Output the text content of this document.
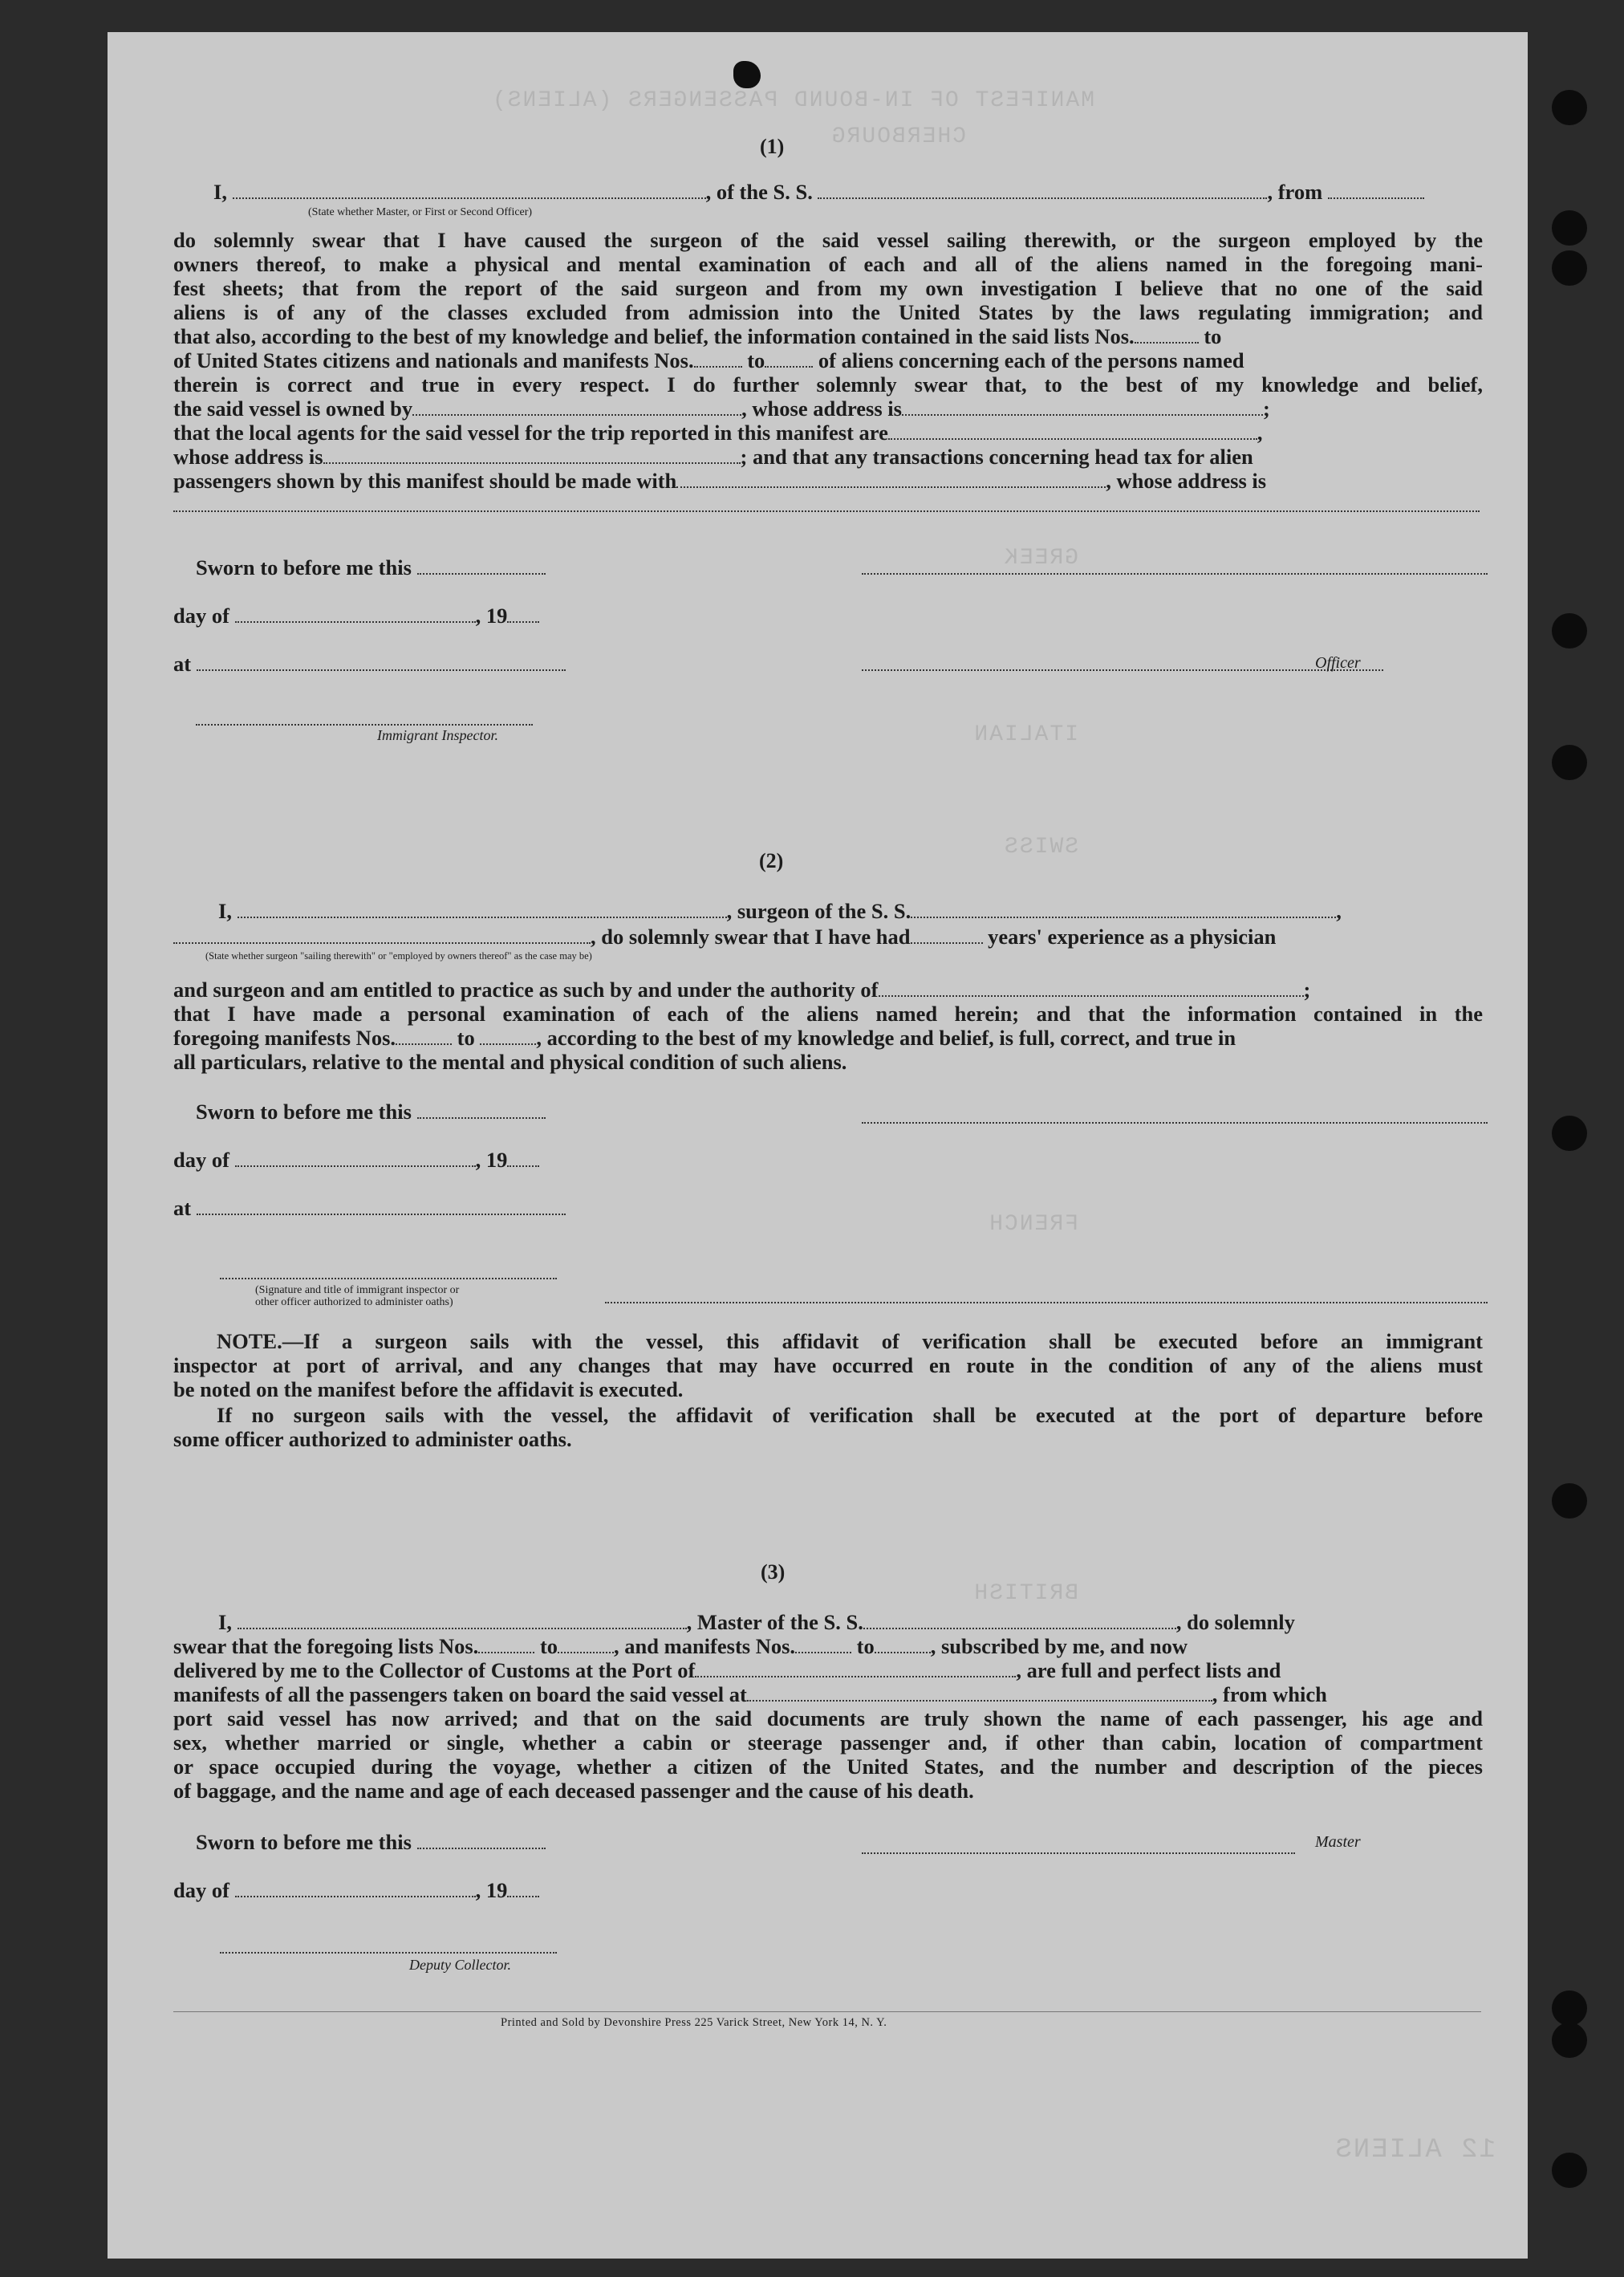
MANIFEST OF IN-BOUND PASSENGERS (ALIENS)
CHERBOURG
GREEK
ITALIAN
SWISS
FRENCH
BRITISH
12 ALIENS
(1)
I,	, of the S. S.	, from
(State whether Master, or First or Second Officer)
do solemnly swear that I have caused the surgeon of the said vessel sailing therewith, or the surgeon employed by the
owners thereof, to make a physical and mental examination of each and all of the aliens named in the foregoing mani-
fest sheets; that from the report of the said surgeon and from my own investigation I believe that no one of the said
aliens is of any of the classes excluded from admission into the United States by the laws regulating immigration; and
that also, according to the best of my knowledge and belief, the information contained in the said lists Nos.	to
of United States citizens and nationals and manifests Nos.	to	of aliens concerning each of the persons named
therein is correct and true in every respect. I do further solemnly swear that, to the best of my knowledge and belief,
the said vessel is owned by	, whose address is	;
that the local agents for the said vessel for the trip reported in this manifest are	,
whose address is	; and that any transactions concerning head tax for alien
passengers shown by this manifest should be made with	, whose address is
Sworn to before me this
day of	, 19
at	Officer
Immigrant Inspector.
(2)
I,	, surgeon of the S. S.	,
, do solemnly swear that I have had	years' experience as a physician
(State whether surgeon "sailing therewith" or "employed by owners thereof" as the case may be)
and surgeon and am entitled to practice as such by and under the authority of	;
that I have made a personal examination of each of the aliens named herein; and that the information contained in the
foregoing manifests Nos.	to	, according to the best of my knowledge and belief, is full, correct, and true in
all particulars, relative to the mental and physical condition of such aliens.
Sworn to before me this
day of	, 19
at
(Signature and title of immigrant inspector or
other officer authorized to administer oaths)
NOTE.—If a surgeon sails with the vessel, this affidavit of verification shall be executed before an immigrant
inspector at port of arrival, and any changes that may have occurred en route in the condition of any of the aliens must
be noted on the manifest before the affidavit is executed.
If no surgeon sails with the vessel, the affidavit of verification shall be executed at the port of departure before
some officer authorized to administer oaths.
(3)
I,	, Master of the S. S.	, do solemnly
swear that the foregoing lists Nos.	to	, and manifests Nos.	to	, subscribed by me, and now
delivered by me to the Collector of Customs at the Port of	, are full and perfect lists and
manifests of all the passengers taken on board the said vessel at	, from which
port said vessel has now arrived; and that on the said documents are truly shown the name of each passenger, his age and
sex, whether married or single, whether a cabin or steerage passenger and, if other than cabin, location of compartment
or space occupied during the voyage, whether a citizen of the United States, and the number and description of the pieces
of baggage, and the name and age of each deceased passenger and the cause of his death.
Sworn to before me this	Master
day of	, 19
Deputy Collector.
Printed and Sold by Devonshire Press 225 Varick Street, New York 14, N. Y.
